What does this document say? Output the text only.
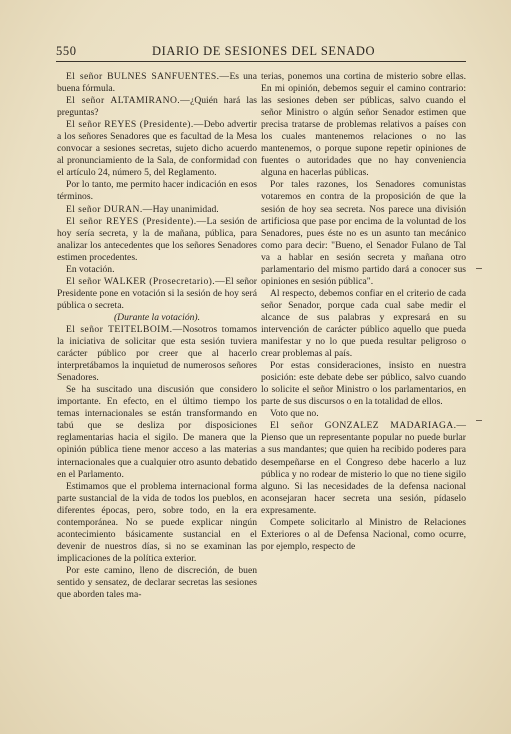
550	DIARIO DE SESIONES DEL SENADO

El señor BULNES SANFUENTES.—Es una buena fórmula.

El señor ALTAMIRANO.—¿Quién hará las preguntas?

El señor REYES (Presidente).—Debo advertir a los señores Senadores que es facultad de la Mesa convocar a sesiones secretas, sujeto dicho acuerdo al pronunciamiento de la Sala, de conformidad con el artículo 24, número 5, del Reglamento.

Por lo tanto, me permito hacer indicación en esos términos.

El señor DURAN.—Hay unanimidad.

El señor REYES (Presidente).—La sesión de hoy sería secreta, y la de mañana, pública, para analizar los antecedentes que los señores Senadores estimen procedentes.

En votación.

El señor WALKER (Prosecretario).—El señor Presidente pone en votación si la sesión de hoy será pública o secreta.

(Durante la votación).

El señor TEITELBOIM.—Nosotros tomamos la iniciativa de solicitar que esta sesión tuviera carácter público por creer que al hacerlo interpretábamos la inquietud de numerosos señores Senadores.

Se ha suscitado una discusión que considero importante. En efecto, en el último tiempo los temas internacionales se están transformando en tabú que se desliza por disposiciones reglamentarias hacia el sigilo. De manera que la opinión pública tiene menor acceso a las materias internacionales que a cualquier otro asunto debatido en el Parlamento.

Estimamos que el problema internacional forma parte sustancial de la vida de todos los pueblos, en diferentes épocas, pero, sobre todo, en la era contemporánea. No se puede explicar ningún acontecimiento básicamente sustancial en el devenir de nuestros días, si no se examinan las implicaciones de la política exterior.

Por este camino, lleno de discreción, de buen sentido y sensatez, de declarar secretas las sesiones que aborden tales ma-

terias, ponemos una cortina de misterio sobre ellas. En mi opinión, debemos seguir el camino contrario: las sesiones deben ser públicas, salvo cuando el señor Ministro o algún señor Senador estimen que precisa tratarse de problemas relativos a países con los cuales mantenemos relaciones o no las mantenemos, o porque supone repetir opiniones de fuentes o autoridades que no hay conveniencia alguna en hacerlas públicas.

Por tales razones, los Senadores comunistas votaremos en contra de la proposición de que la sesión de hoy sea secreta. Nos parece una división artificiosa que pase por encima de la voluntad de los Senadores, pues éste no es un asunto tan mecánico como para decir: "Bueno, el Senador Fulano de Tal va a hablar en sesión secreta y mañana otro parlamentario del mismo partido dará a conocer sus opiniones en sesión pública".

Al respecto, debemos confiar en el criterio de cada señor Senador, porque cada cual sabe medir el alcance de sus palabras y expresará en su intervención de carácter público aquello que pueda manifestar y no lo que pueda resultar peligroso o crear problemas al país.

Por estas consideraciones, insisto en nuestra posición: este debate debe ser público, salvo cuando lo solicite el señor Ministro o los parlamentarios, en parte de sus discursos o en la totalidad de ellos.

Voto que no.

El señor GONZALEZ MADARIAGA.—Pienso que un representante popular no puede burlar a sus mandantes; que quien ha recibido poderes para desempeñarse en el Congreso debe hacerlo a luz pública y no rodear de misterio lo que no tiene sigilo alguno. Si las necesidades de la defensa nacional aconsejaran hacer secreta una sesión, pídaselo expresamente.

Compete solicitarlo al Ministro de Relaciones Exteriores o al de Defensa Nacional, como ocurre, por ejemplo, respecto de
